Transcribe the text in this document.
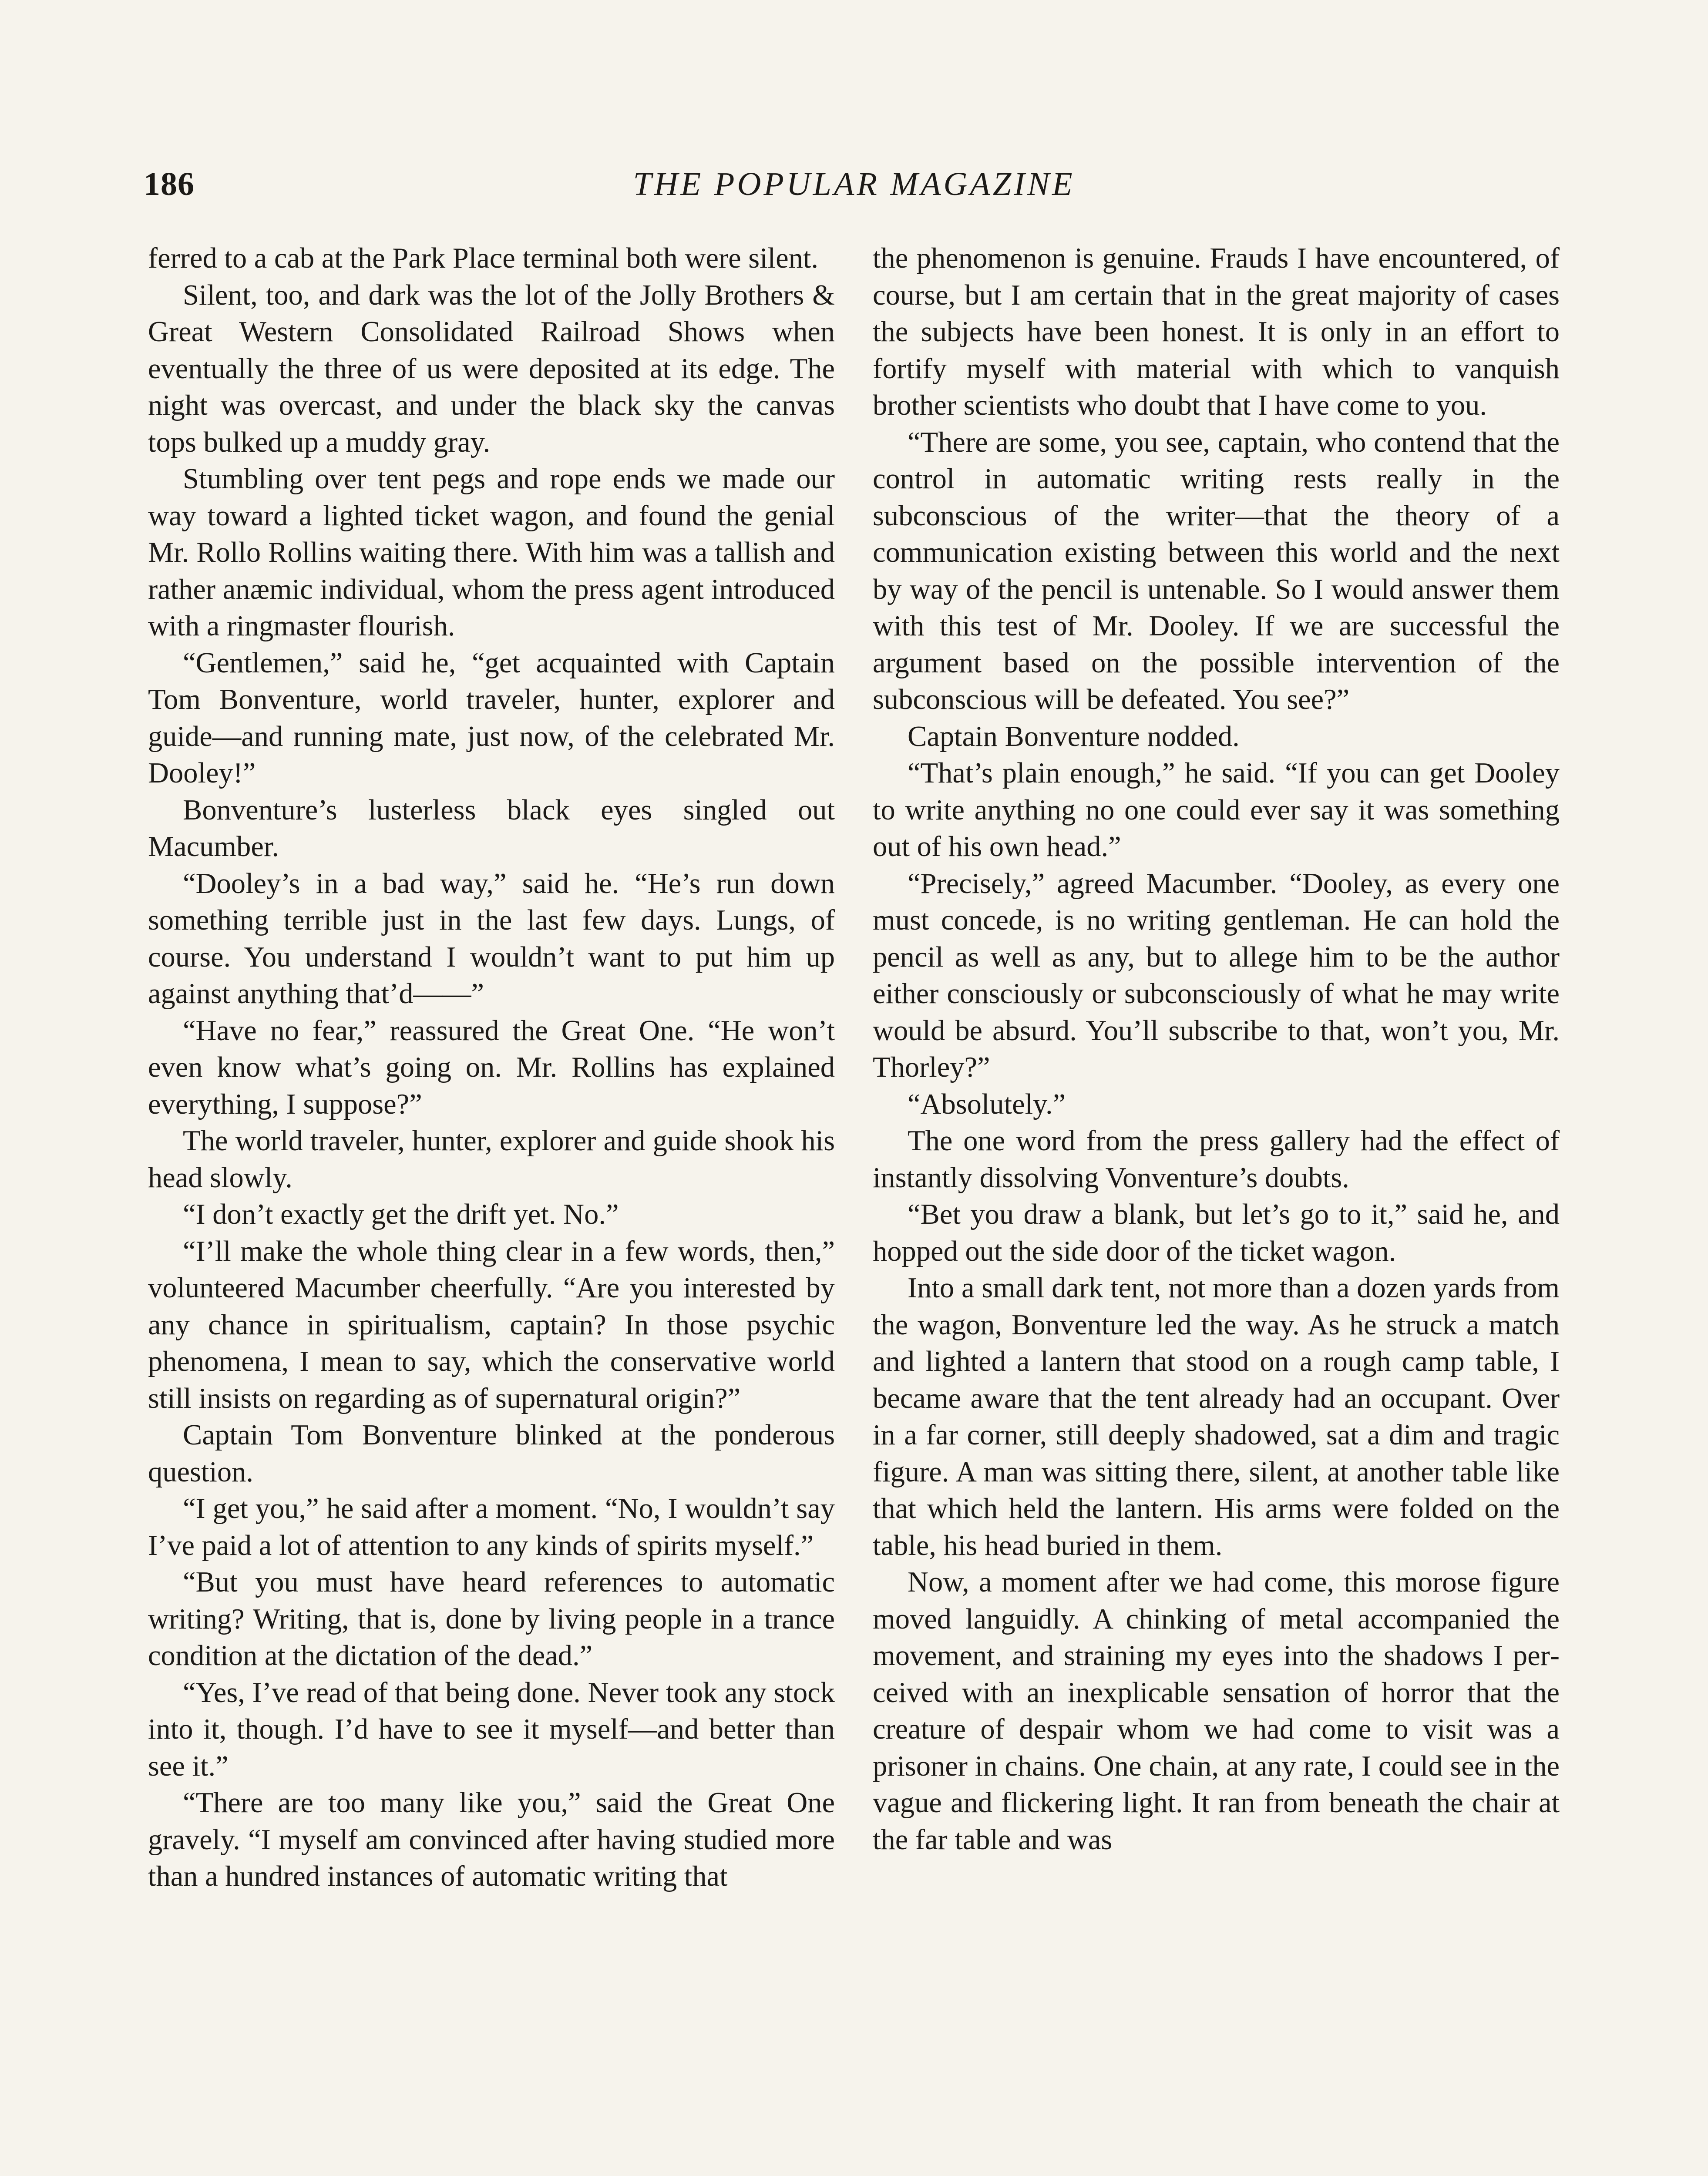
186	THE POPULAR MAGAZINE

ferred to a cab at the Park Place terminal both were silent.

Silent, too, and dark was the lot of the Jolly Brothers & Great Western Consolidated Railroad Shows when eventually the three of us were deposited at its edge. The night was overcast, and under the black sky the canvas tops bulked up a muddy gray.

Stumbling over tent pegs and rope ends we made our way toward a lighted ticket wagon, and found the genial Mr. Rollo Rollins waiting there. With him was a tallish and rather anæmic individual, whom the press agent introduced with a ringmaster flourish.

“Gentlemen,” said he, “get acquainted with Captain Tom Bonventure, world traveler, hunter, explorer and guide—and running mate, just now, of the celebrated Mr. Dooley!”

Bonventure’s lusterless black eyes singled out Macumber.

“Dooley’s in a bad way,” said he. “He’s run down something terrible just in the last few days. Lungs, of course. You understand I wouldn’t want to put him up against anything that’d——”

“Have no fear,” reassured the Great One. “He won’t even know what’s going on. Mr. Rollins has explained everything, I suppose?”

The world traveler, hunter, explorer and guide shook his head slowly.

“I don’t exactly get the drift yet. No.”

“I’ll make the whole thing clear in a few words, then,” volunteered Macumber cheerfully. “Are you interested by any chance in spiritualism, captain? In those psychic phenomena, I mean to say, which the conservative world still insists on regarding as of supernatural origin?”

Captain Tom Bonventure blinked at the ponderous question.

“I get you,” he said after a moment. “No, I wouldn’t say I’ve paid a lot of attention to any kinds of spirits myself.”

“But you must have heard references to automatic writing? Writing, that is, done by living people in a trance condition at the dictation of the dead.”

“Yes, I’ve read of that being done. Never took any stock into it, though. I’d have to see it myself—and better than see it.”

“There are too many like you,” said the Great One gravely. “I myself am convinced after having studied more than a hundred instances of automatic writing that

the phenomenon is genuine. Frauds I have encountered, of course, but I am certain that in the great majority of cases the subjects have been honest. It is only in an effort to fortify myself with material with which to vanquish brother scientists who doubt that I have come to you.

“There are some, you see, captain, who contend that the control in automatic writing rests really in the subconscious of the writer—that the theory of a communication existing between this world and the next by way of the pencil is untenable. So I would answer them with this test of Mr. Dooley. If we are successful the argument based on the possible intervention of the subconscious will be defeated. You see?”

Captain Bonventure nodded.

“That’s plain enough,” he said. “If you can get Dooley to write anything no one could ever say it was something out of his own head.”

“Precisely,” agreed Macumber. “Dooley, as every one must concede, is no writing gentleman. He can hold the pencil as well as any, but to allege him to be the author either consciously or subconsciously of what he may write would be absurd. You’ll subscribe to that, won’t you, Mr. Thorley?”

“Absolutely.”

The one word from the press gallery had the effect of instantly dissolving Vonventure’s doubts.

“Bet you draw a blank, but let’s go to it,” said he, and hopped out the side door of the ticket wagon.

Into a small dark tent, not more than a dozen yards from the wagon, Bonventure led the way. As he struck a match and lighted a lantern that stood on a rough camp table, I became aware that the tent already had an occupant. Over in a far corner, still deeply shadowed, sat a dim and tragic figure. A man was sitting there, silent, at another table like that which held the lantern. His arms were folded on the table, his head buried in them.

Now, a moment after we had come, this morose figure moved languidly. A chinking of metal accompanied the movement, and straining my eyes into the shadows I perceived with an inexplicable sensation of horror that the creature of despair whom we had come to visit was a prisoner in chains. One chain, at any rate, I could see in the vague and flickering light. It ran from beneath the chair at the far table and was
